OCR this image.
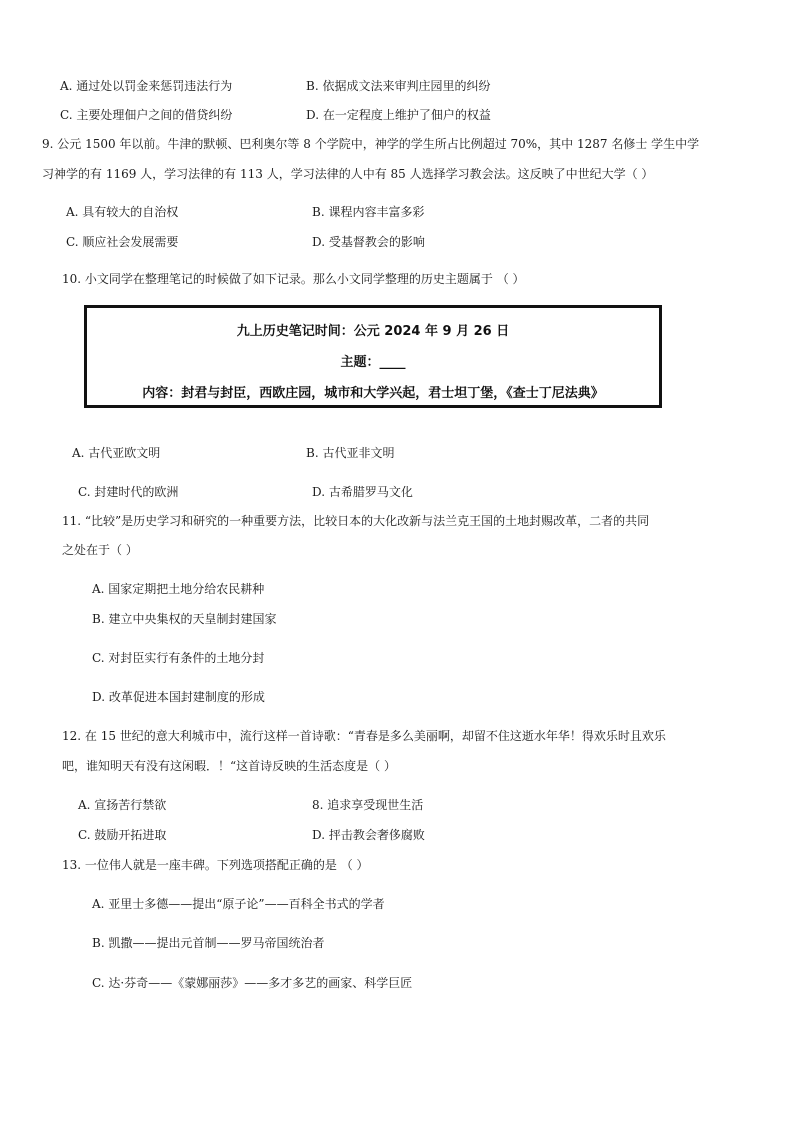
A. 通过处以罚金来惩罚违法行为	B. 依据成文法来审判庄园里的纠纷
C. 主要处理佃户之间的借贷纠纷	D. 在一定程度上维护了佃户的权益
9. 公元 1500 年以前。牛津的默顿、巴利奥尔等 8 个学院中，神学的学生所占比例超过 70%，其中 1287 名修士 学生中学
习神学的有 1169 人，学习法律的有 113 人，学习法律的人中有 85 人选择学习教会法。这反映了中世纪大学（ ）
A. 具有较大的自治权	B. 课程内容丰富多彩
C. 顺应社会发展需要	D. 受基督教会的影响
10. 小文同学在整理笔记的时候做了如下记录。那么小文同学整理的历史主题属于 （ ）
九上历史笔记时间：公元 2024 年 9 月 26 日
主题：____
内容：封君与封臣，西欧庄园，城市和大学兴起，君士坦丁堡，《查士丁尼法典》
A. 古代亚欧文明	B. 古代亚非文明
C. 封建时代的欧洲	D. 古希腊罗马文化
11. “比较”是历史学习和研究的一种重要方法，比较日本的大化改新与法兰克王国的土地封赐改革，二者的共同
之处在于（ ）
A. 国家定期把土地分给农民耕种
B. 建立中央集权的天皇制封建国家
C. 对封臣实行有条件的土地分封
D. 改革促进本国封建制度的形成
12. 在 15 世纪的意大利城市中，流行这样一首诗歌：“青春是多么美丽啊，却留不住这逝水年华！得欢乐时且欢乐
吧，谁知明天有没有这闲暇．！“这首诗反映的生活态度是（ ）
A. 宣扬苦行禁欲	8. 追求享受现世生活
C. 鼓励开拓进取	D. 抨击教会奢侈腐败
13. 一位伟人就是一座丰碑。下列选项搭配正确的是 （ ）
A. 亚里士多德——提出“原子论”——百科全书式的学者
B. 凯撒——提出元首制——罗马帝国统治者
C. 达·芬奇——《蒙娜丽莎》——多才多艺的画家、科学巨匠
